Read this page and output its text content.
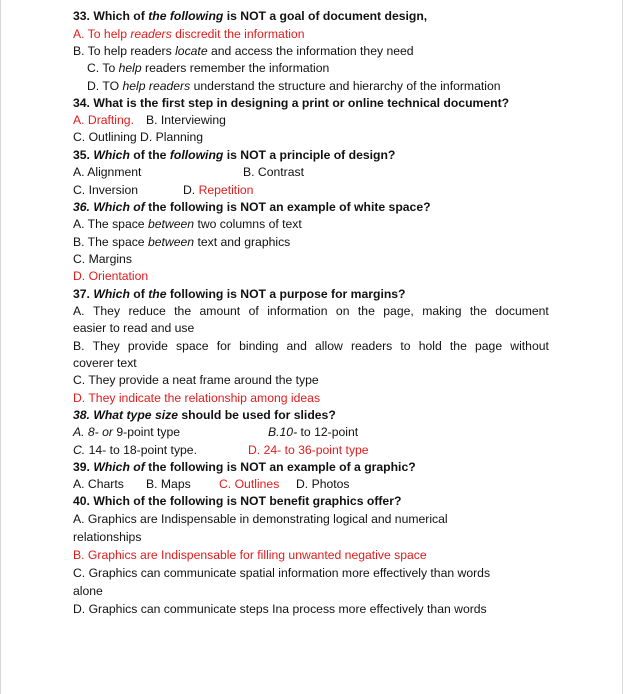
33. Which of the following is NOT a goal of document design,
A. To help readers discredit the information
B. To help readers locate and access the information they need
C. To help readers remember the information
D. TO help readers understand the structure and hierarchy of the information
34. What is the first step in designing a print or online technical document?
A. Drafting. B. Interviewing
C. Outlining D. Planning
35. Which of the following is NOT a principle of design?
A. Alignment	B. Contrast
C. Inversion	D. Repetition
36. Which of the following is NOT an example of white space?
A. The space between two columns of text
B. The space between text and graphics
C. Margins
D. Orientation
37. Which of the following is NOT a purpose for margins?
A. They reduce the amount of information on the page, making the document
easier to read and use
B. They provide space for binding and allow readers to hold the page without
coverer text
C. They provide a neat frame around the type
D. They indicate the relationship among ideas
38. What type size should be used for slides?
A. 8- or 9-point type	B.10- to 12-point
C. 14- to 18-point type.	D. 24- to 36-point type
39. Which of the following is NOT an example of a graphic?
A. Charts B. Maps C. Outlines D. Photos
40. Which of the following is NOT benefit graphics offer?
A. Graphics are Indispensable in demonstrating logical and numerical
relationships
B. Graphics are Indispensable for filling unwanted negative space
C. Graphics can communicate spatial information more effectively than words
alone
D. Graphics can communicate steps Ina process more effectively than words
